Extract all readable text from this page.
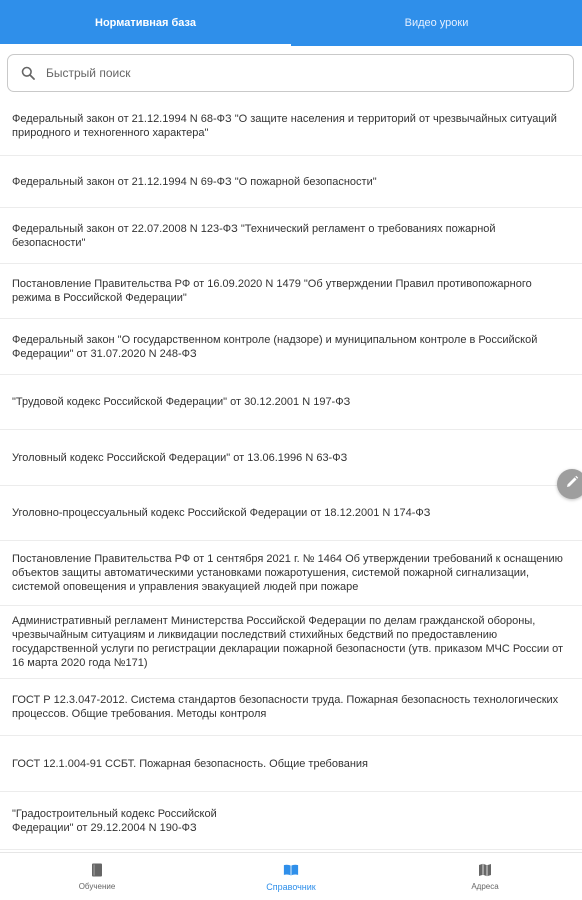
Нормативная база	Видео уроки
Быстрый поиск
Федеральный закон от 21.12.1994 N 68-ФЗ "О защите населения и территорий от чрезвычайных ситуаций природного и техногенного характера"
Федеральный закон от 21.12.1994 N 69-ФЗ "О пожарной безопасности"
Федеральный закон от 22.07.2008 N 123-ФЗ "Технический регламент о требованиях пожарной безопасности"
Постановление Правительства РФ от 16.09.2020 N 1479 "Об утверждении Правил противопожарного режима в Российской Федерации"
Федеральный закон "О государственном контроле (надзоре) и муниципальном контроле в Российской Федерации" от 31.07.2020 N 248-ФЗ
"Трудовой кодекс Российской Федерации" от 30.12.2001 N 197-ФЗ
Уголовный кодекс Российской Федерации" от 13.06.1996 N 63-ФЗ
Уголовно-процессуальный кодекс Российской Федерации от 18.12.2001 N 174-ФЗ
Постановление Правительства РФ от 1 сентября 2021 г. № 1464 Об утверждении требований к оснащению объектов защиты автоматическими установками пожаротушения, системой пожарной сигнализации, системой оповещения и управления эвакуацией людей при пожаре
Административный регламент Министерства Российской Федерации по делам гражданской обороны, чрезвычайным ситуациям и ликвидации последствий стихийных бедствий по предоставлению государственной услуги по регистрации декларации пожарной безопасности (утв. приказом МЧС России от 16 марта 2020 года №171)
ГОСТ Р 12.3.047-2012. Система стандартов безопасности труда. Пожарная безопасность технологических процессов. Общие требования. Методы контроля
ГОСТ 12.1.004-91 ССБТ. Пожарная безопасность. Общие требования
"Градостроительный кодекс Российской
Федерации" от 29.12.2004 N 190-ФЗ
Обучение	Справочник	Адреса
